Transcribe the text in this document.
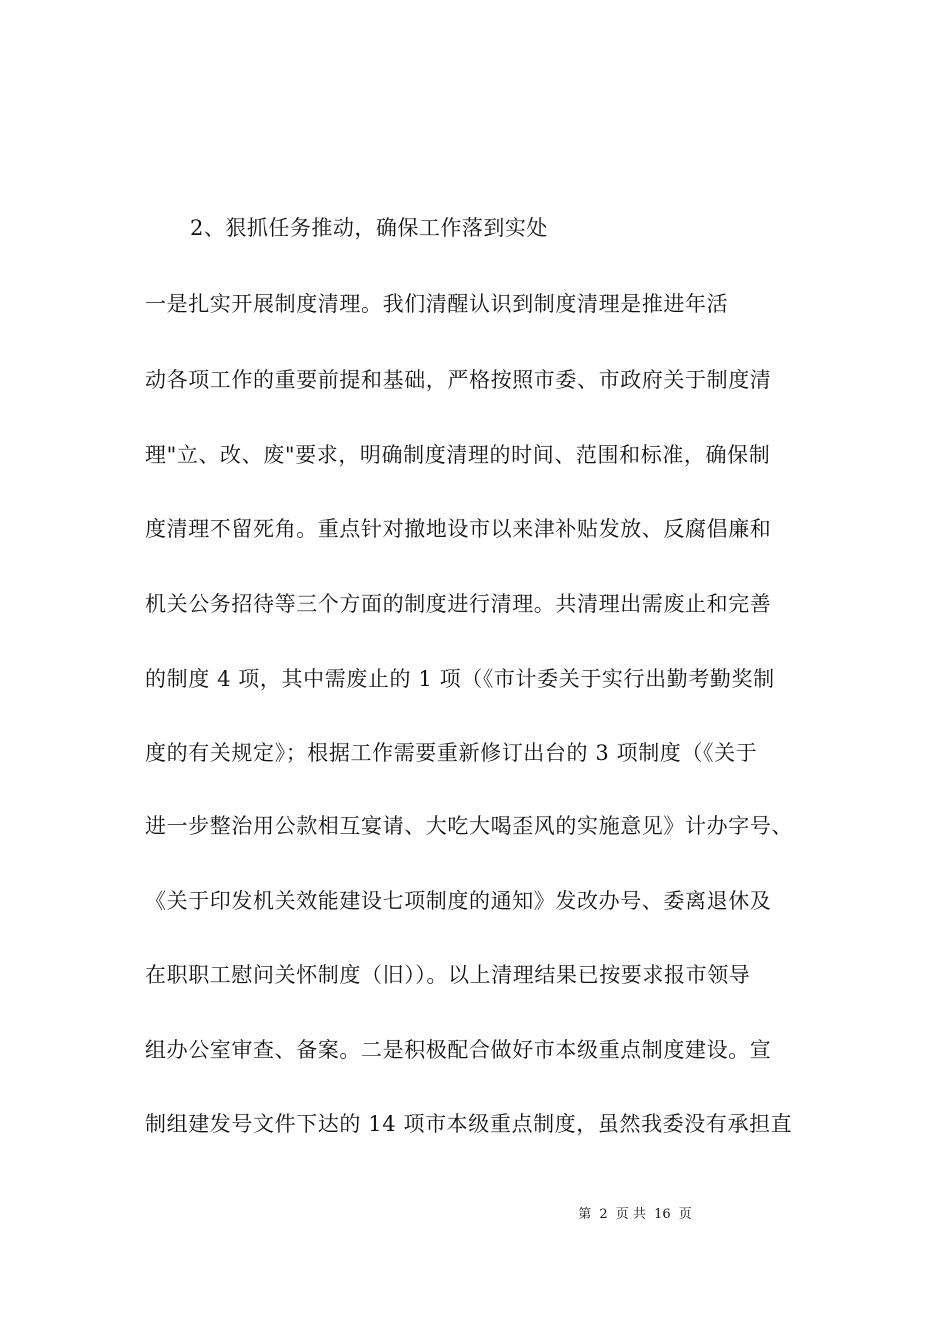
2、狠抓任务推动，确保工作落到实处
一是扎实开展制度清理。我们清醒认识到制度清理是推进年活
动各项工作的重要前提和基础，严格按照市委、市政府关于制度清
理"立、改、废"要求，明确制度清理的时间、范围和标准，确保制
度清理不留死角。重点针对撤地设市以来津补贴发放、反腐倡廉和
机关公务招待等三个方面的制度进行清理。共清理出需废止和完善
的制度 4 项，其中需废止的 1 项（《市计委关于实行出勤考勤奖制
度的有关规定》；根据工作需要重新修订出台的 3 项制度（《关于
进一步整治用公款相互宴请、大吃大喝歪风的实施意见》计办字号、
《关于印发机关效能建设七项制度的通知》发改办号、委离退休及
在职职工慰问关怀制度（旧））。以上清理结果已按要求报市领导
组办公室审查、备案。二是积极配合做好市本级重点制度建设。宣
制组建发号文件下达的 14 项市本级重点制度，虽然我委没有承担直
第 2 页 共 16 页
